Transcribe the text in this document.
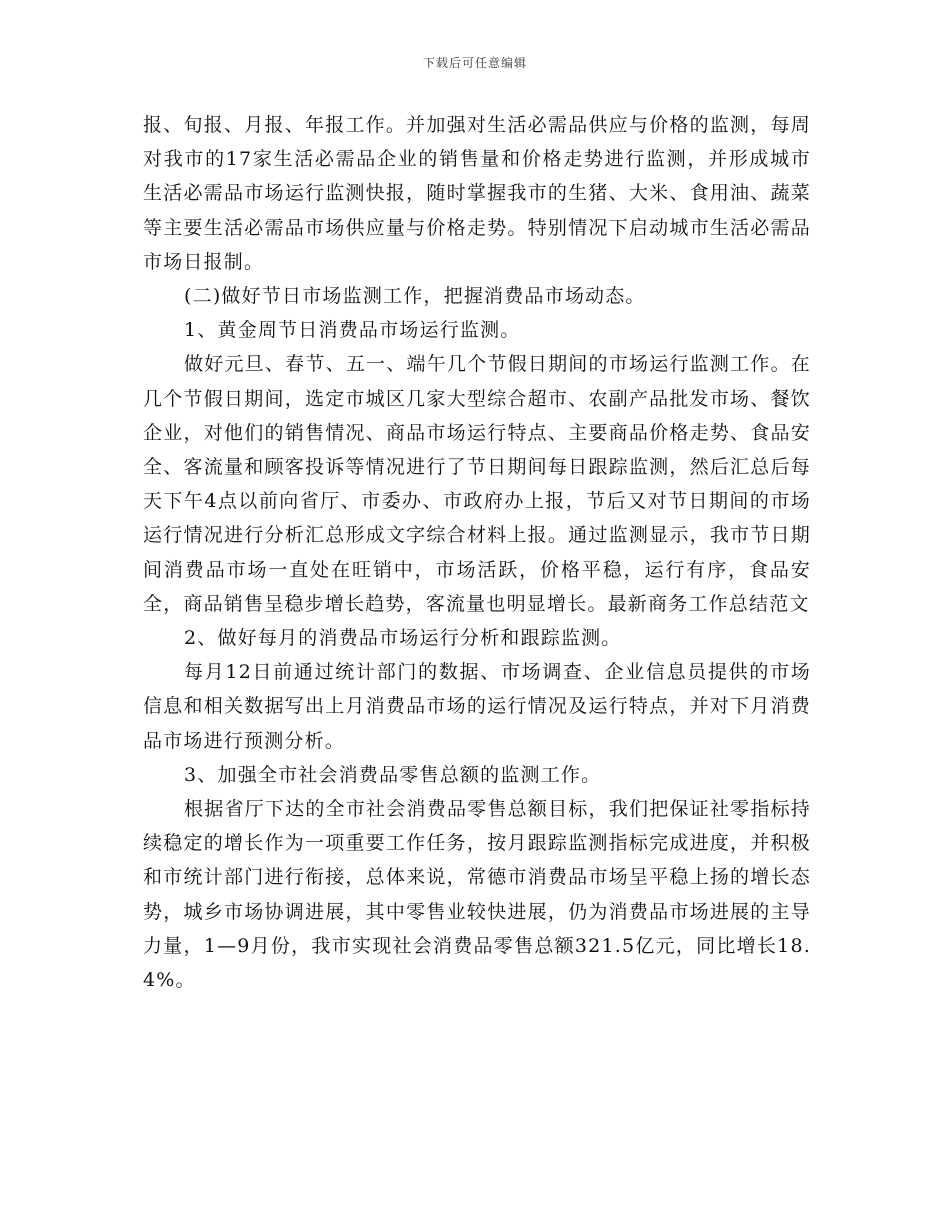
下载后可任意编辑

报、旬报、月报、年报工作。并加强对生活必需品供应与价格的监测，每周对我市的17家生活必需品企业的销售量和价格走势进行监测，并形成城市生活必需品市场运行监测快报，随时掌握我市的生猪、大米、食用油、蔬菜等主要生活必需品市场供应量与价格走势。特别情况下启动城市生活必需品市场日报制。

(二)做好节日市场监测工作，把握消费品市场动态。

1、黄金周节日消费品市场运行监测。

做好元旦、春节、五一、端午几个节假日期间的市场运行监测工作。在几个节假日期间，选定市城区几家大型综合超市、农副产品批发市场、餐饮企业，对他们的销售情况、商品市场运行特点、主要商品价格走势、食品安全、客流量和顾客投诉等情况进行了节日期间每日跟踪监测，然后汇总后每天下午4点以前向省厅、市委办、市政府办上报，节后又对节日期间的市场运行情况进行分析汇总形成文字综合材料上报。通过监测显示，我市节日期间消费品市场一直处在旺销中，市场活跃，价格平稳，运行有序，食品安全，商品销售呈稳步增长趋势，客流量也明显增长。最新商务工作总结范文

2、做好每月的消费品市场运行分析和跟踪监测。

每月12日前通过统计部门的数据、市场调查、企业信息员提供的市场信息和相关数据写出上月消费品市场的运行情况及运行特点，并对下月消费品市场进行预测分析。

3、加强全市社会消费品零售总额的监测工作。

根据省厅下达的全市社会消费品零售总额目标，我们把保证社零指标持续稳定的增长作为一项重要工作任务，按月跟踪监测指标完成进度，并积极和市统计部门进行衔接，总体来说，常德市消费品市场呈平稳上扬的增长态势，城乡市场协调进展，其中零售业较快进展，仍为消费品市场进展的主导力量，1—9月份，我市实现社会消费品零售总额321.5亿元，同比增长18.4%。
